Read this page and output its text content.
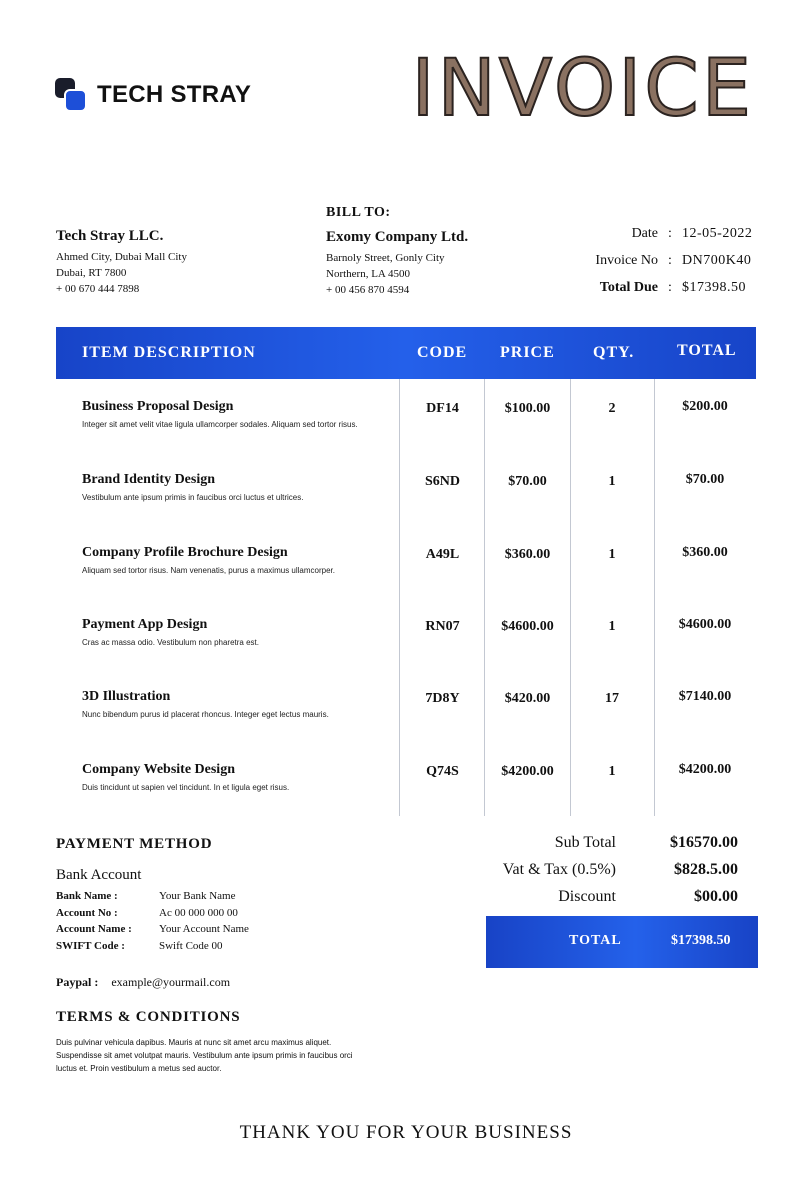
TECH STRAY INVOICE
Tech Stray LLC.
Ahmed City, Dubai Mall City
Dubai, RT 7800
+ 00 670 444 7898
BILL TO:
Exomy Company Ltd.
Barnoly Street, Gonly City
Northern, LA 4500
+ 00 456 870 4594
Date : 12-05-2022
Invoice No : DN700K40
Total Due : $17398.50
ITEM DESCRIPTION	CODE PRICE QTY.	TOTAL
Business Proposal Design
Integer sit amet velit vitae ligula ullamcorper sodales. Aliquam sed tortor risus.
DF14	$100.00	2	$200.00
Brand Identity Design
Vestibulum ante ipsum primis in faucibus orci luctus et ultrices.
S6ND	$70.00	1	$70.00
Company Profile Brochure Design
Aliquam sed tortor risus. Nam venenatis, purus a maximus ullamcorper.
A49L	$360.00	1	$360.00
Payment App Design
Cras ac massa odio. Vestibulum non pharetra est.
RN07	$4600.00	1	$4600.00
3D Illustration
Nunc bibendum purus id placerat rhoncus. Integer eget lectus mauris.
7D8Y	$420.00	17	$7140.00
Company Website Design
Duis tincidunt ut sapien vel tincidunt. In et ligula eget risus.
Q74S	$4200.00	1	$4200.00
PAYMENT METHOD
Bank Account
Bank Name :	Your Bank Name
Account No :	Ac 00 000 000 00
Account Name :	Your Account Name
SWIFT Code :	Swift Code 00
Paypal : example@yourmail.com
TERMS & CONDITIONS
Duis pulvinar vehicula dapibus. Mauris at nunc sit amet arcu maximus aliquet. Suspendisse sit amet volutpat mauris. Vestibulum ante ipsum primis in faucibus orci luctus et. Proin vestibulum a metus sed auctor.
Sub Total	$16570.00
Vat & Tax (0.5%)	$828.5.00
Discount	$00.00
TOTAL	$17398.50
THANK YOU FOR YOUR BUSINESS
